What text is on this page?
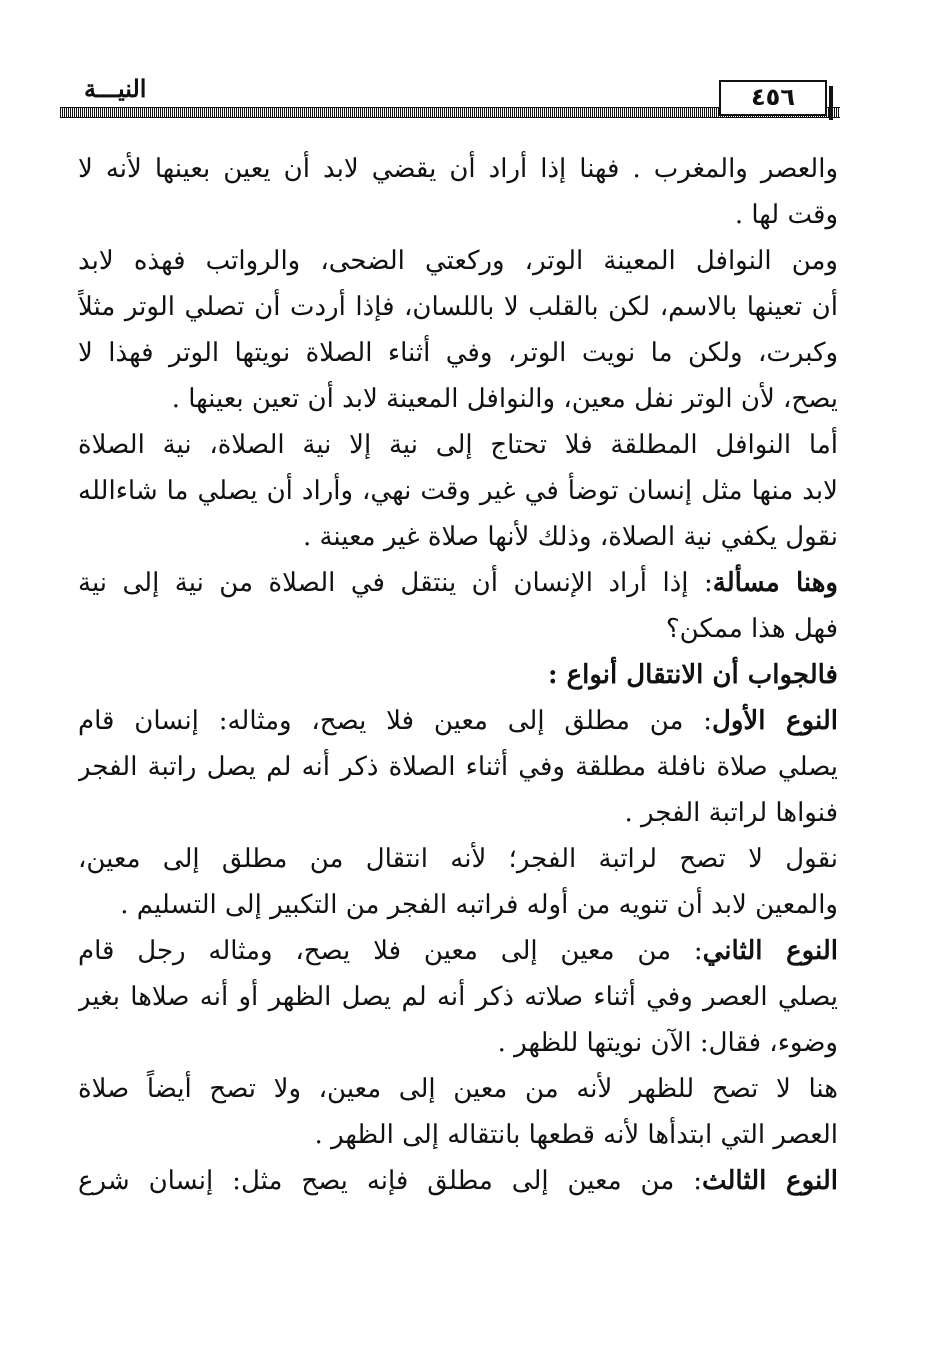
النيـــة	٤٥٦
والعصر والمغرب . فهنا إذا أراد أن يقضي لابد أن يعين بعينها لأنه لا
وقت لها .
ومن النوافل المعينة الوتر، وركعتي الضحى، والرواتب فهذه لابد
أن تعينها بالاسم، لكن بالقلب لا باللسان، فإذا أردت أن تصلي الوتر مثلاً
وكبرت، ولكن ما نويت الوتر، وفي أثناء الصلاة نويتها الوتر فهذا لا
يصح، لأن الوتر نفل معين، والنوافل المعينة لابد أن تعين بعينها .
أما النوافل المطلقة فلا تحتاج إلى نية إلا نية الصلاة، نية الصلاة
لابد منها مثل إنسان توضأ في غير وقت نهي، وأراد أن يصلي ما شاءالله
نقول يكفي نية الصلاة، وذلك لأنها صلاة غير معينة .
وهنا مسألة: إذا أراد الإنسان أن ينتقل في الصلاة من نية إلى نية
فهل هذا ممكن؟
فالجواب أن الانتقال أنواع :
النوع الأول: من مطلق إلى معين فلا يصح، ومثاله: إنسان قام
يصلي صلاة نافلة مطلقة وفي أثناء الصلاة ذكر أنه لم يصل راتبة الفجر
فنواها لراتبة الفجر .
نقول لا تصح لراتبة الفجر؛ لأنه انتقال من مطلق إلى معين،
والمعين لابد أن تنويه من أوله فراتبه الفجر من التكبير إلى التسليم .
النوع الثاني: من معين إلى معين فلا يصح، ومثاله رجل قام
يصلي العصر وفي أثناء صلاته ذكر أنه لم يصل الظهر أو أنه صلاها بغير
وضوء، فقال: الآن نويتها للظهر .
هنا لا تصح للظهر لأنه من معين إلى معين، ولا تصح أيضاً صلاة
العصر التي ابتدأها لأنه قطعها بانتقاله إلى الظهر .
النوع الثالث: من معين إلى مطلق فإنه يصح مثل: إنسان شرع
